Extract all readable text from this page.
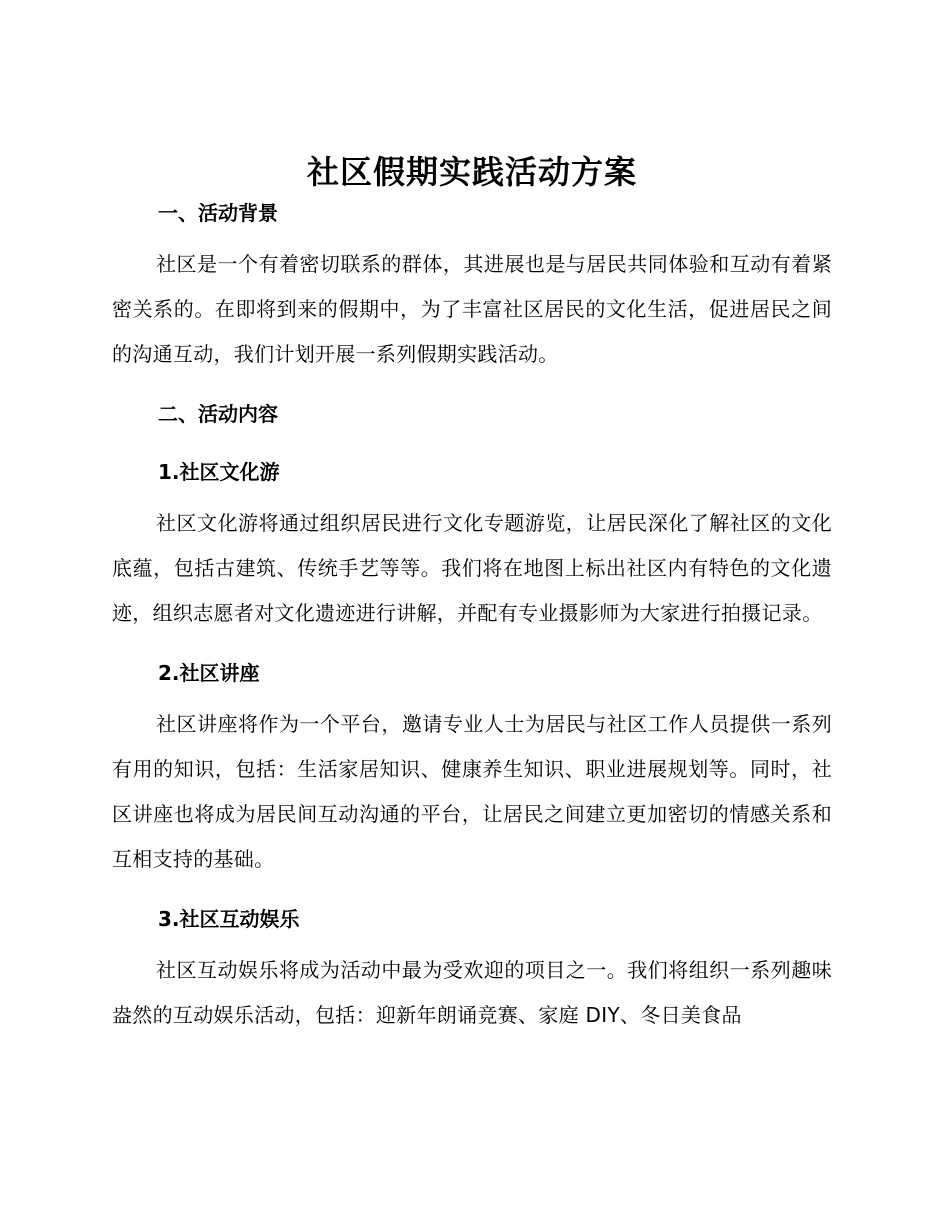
社区假期实践活动方案
一、活动背景

社区是一个有着密切联系的群体，其进展也是与居民共同体验和互动有着紧密关系的。在即将到来的假期中，为了丰富社区居民的文化生活，促进居民之间的沟通互动，我们计划开展一系列假期实践活动。

二、活动内容
1.社区文化游

社区文化游将通过组织居民进行文化专题游览，让居民深化了解社区的文化底蕴，包括古建筑、传统手艺等等。我们将在地图上标出社区内有特色的文化遗迹，组织志愿者对文化遗迹进行讲解，并配有专业摄影师为大家进行拍摄记录。

2.社区讲座

社区讲座将作为一个平台，邀请专业人士为居民与社区工作人员提供一系列有用的知识，包括：生活家居知识、健康养生知识、职业进展规划等。同时，社区讲座也将成为居民间互动沟通的平台，让居民之间建立更加密切的情感关系和互相支持的基础。

3.社区互动娱乐

社区互动娱乐将成为活动中最为受欢迎的项目之一。我们将组织一系列趣味盎然的互动娱乐活动，包括：迎新年朗诵竞赛、家庭 DIY、冬日美食品
